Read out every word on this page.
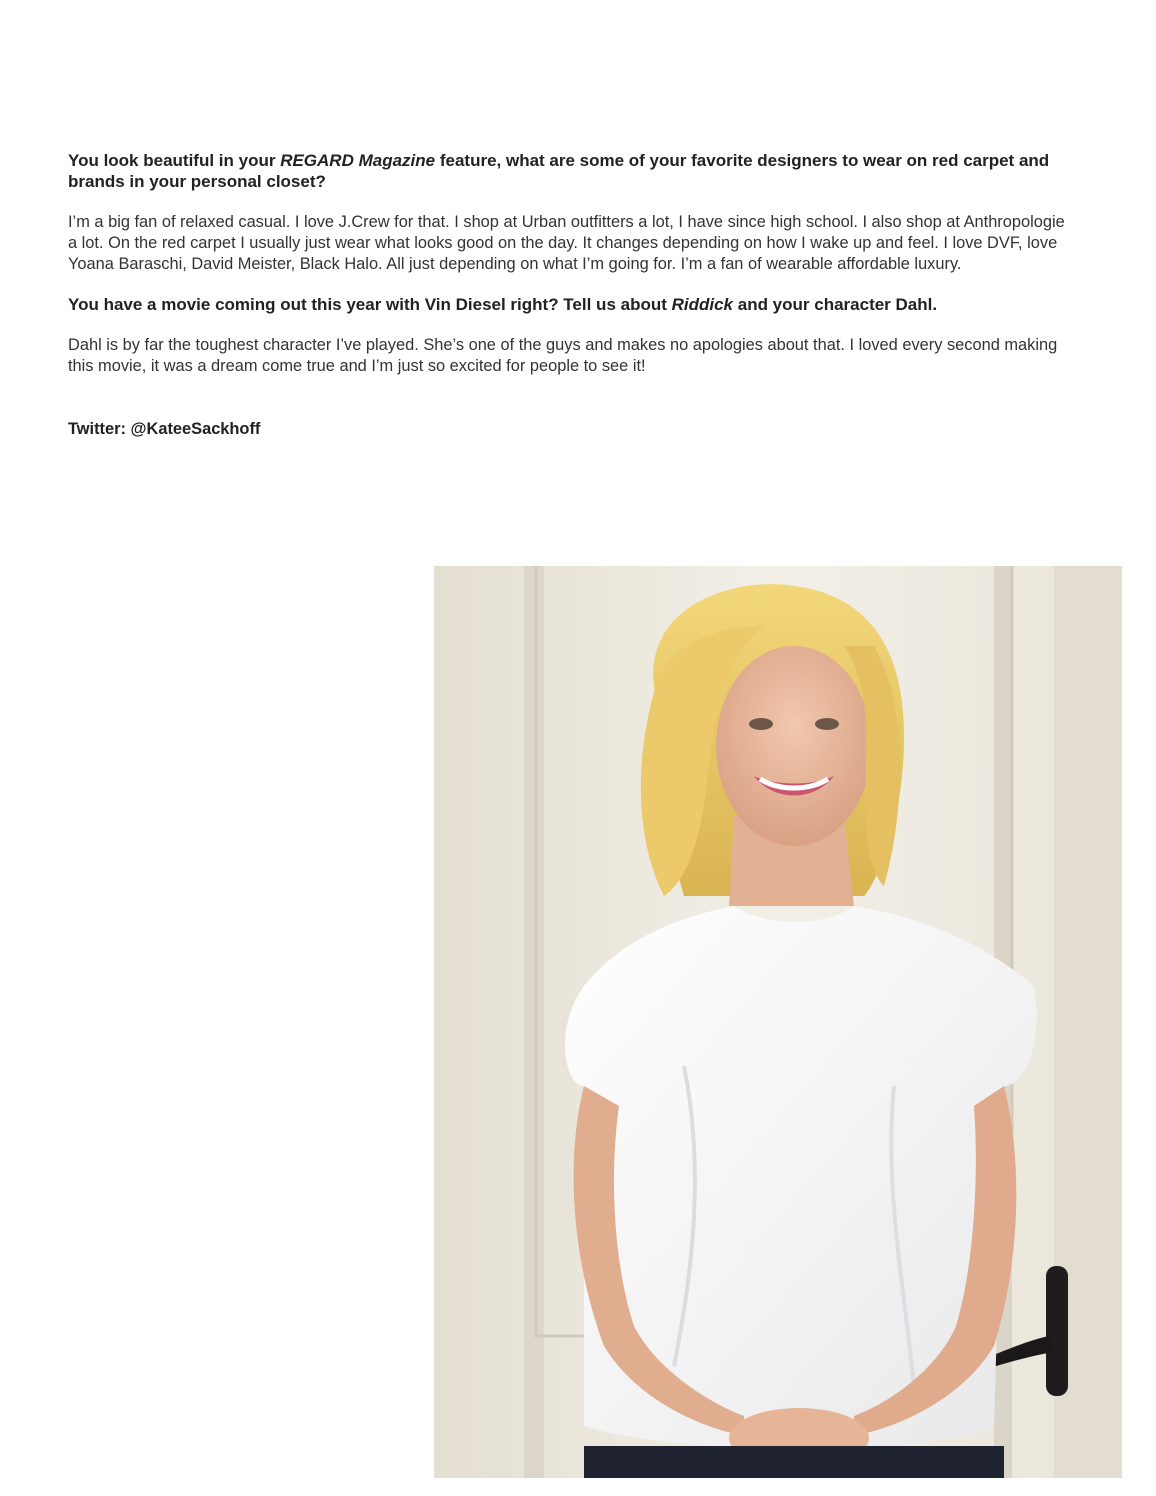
You look beautiful in your REGARD Magazine feature, what are some of your favorite designers to wear on red carpet and brands in your personal closet?

I’m a big fan of relaxed casual. I love J.Crew for that. I shop at Urban outfitters a lot, I have since high school. I also shop at Anthropologie a lot. On the red carpet I usually just wear what looks good on the day. It changes depending on how I wake up and feel. I love DVF, love Yoana Baraschi, David Meister, Black Halo. All just depending on what I’m going for. I’m a fan of wearable affordable luxury.

You have a movie coming out this year with Vin Diesel right? Tell us about Riddick and your character Dahl.

Dahl is by far the toughest character I’ve played. She’s one of the guys and makes no apologies about that. I loved every second making this movie, it was a dream come true and I’m just so excited for people to see it!

Twitter: @KateeSackhoff
